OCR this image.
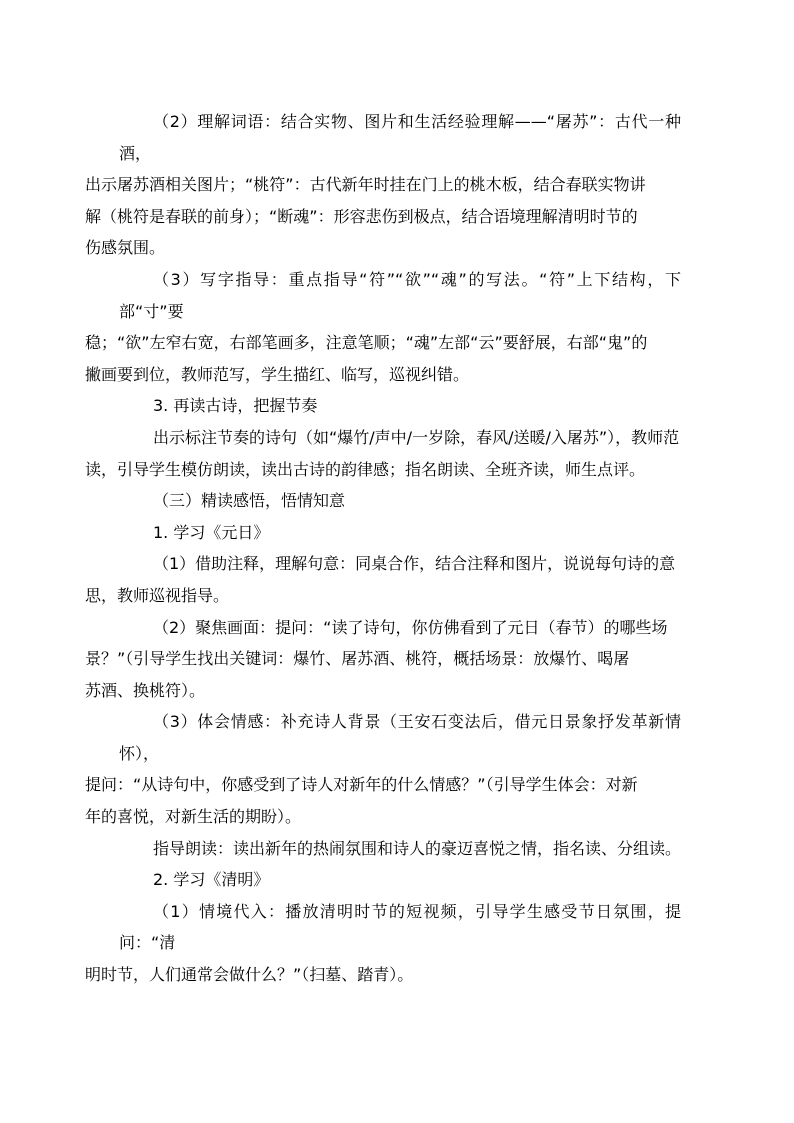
（2）理解词语：结合实物、图片和生活经验理解——“屠苏”：古代一种酒，
出示屠苏酒相关图片；“桃符”：古代新年时挂在门上的桃木板，结合春联实物讲
解（桃符是春联的前身）；“断魂”：形容悲伤到极点，结合语境理解清明时节的
伤感氛围。

（3）写字指导：重点指导“符”“欲”“魂”的写法。“符”上下结构，下部“寸”要
稳；“欲”左窄右宽，右部笔画多，注意笔顺；“魂”左部“云”要舒展，右部“鬼”的
撇画要到位，教师范写，学生描红、临写，巡视纠错。

3. 再读古诗，把握节奏

出示标注节奏的诗句（如“爆竹/声中/一岁除，春风/送暖/入屠苏”），教师范
读，引导学生模仿朗读，读出古诗的韵律感；指名朗读、全班齐读，师生点评。

（三）精读感悟，悟情知意

1. 学习《元日》

（1）借助注释，理解句意：同桌合作，结合注释和图片，说说每句诗的意
思，教师巡视指导。

（2）聚焦画面：提问：“读了诗句，你仿佛看到了元日（春节）的哪些场
景？”（引导学生找出关键词：爆竹、屠苏酒、桃符，概括场景：放爆竹、喝屠
苏酒、换桃符）。

（3）体会情感：补充诗人背景（王安石变法后，借元日景象抒发革新情怀），
提问：“从诗句中，你感受到了诗人对新年的什么情感？”（引导学生体会：对新
年的喜悦，对新生活的期盼）。

指导朗读：读出新年的热闹氛围和诗人的豪迈喜悦之情，指名读、分组读。

2. 学习《清明》

（1）情境代入：播放清明时节的短视频，引导学生感受节日氛围，提问：“清
明时节，人们通常会做什么？”（扫墓、踏青）。
